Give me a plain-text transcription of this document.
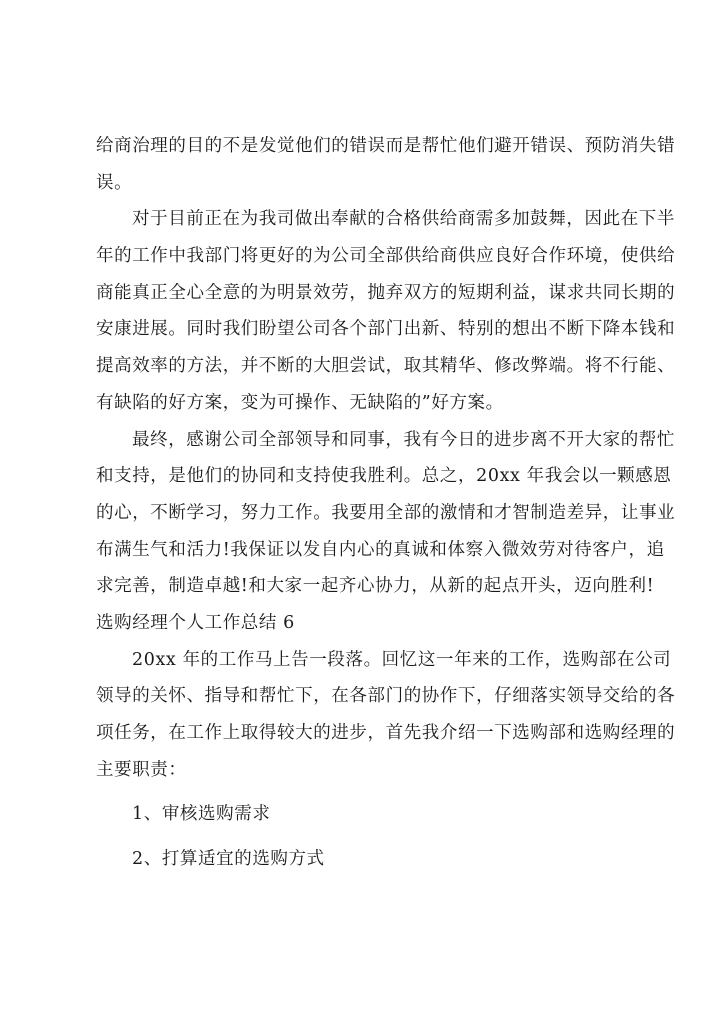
给商治理的目的不是发觉他们的错误而是帮忙他们避开错误、预防消失错
误。
对于目前正在为我司做出奉献的合格供给商需多加鼓舞，因此在下半
年的工作中我部门将更好的为公司全部供给商供应良好合作环境，使供给
商能真正全心全意的为明景效劳，抛弃双方的短期利益，谋求共同长期的
安康进展。同时我们盼望公司各个部门出新、特别的想出不断下降本钱和
提高效率的方法，并不断的大胆尝试，取其精华、修改弊端。将不行能、
有缺陷的好方案，变为可操作、无缺陷的”好方案。
最终，感谢公司全部领导和同事，我有今日的进步离不开大家的帮忙
和支持，是他们的协同和支持使我胜利。总之，20xx 年我会以一颗感恩
的心，不断学习，努力工作。我要用全部的激情和才智制造差异，让事业
布满生气和活力!我保证以发自内心的真诚和体察入微效劳对待客户，追
求完善，制造卓越!和大家一起齐心协力，从新的起点开头，迈向胜利!
选购经理个人工作总结 6
20xx 年的工作马上告一段落。回忆这一年来的工作，选购部在公司
领导的关怀、指导和帮忙下，在各部门的协作下，仔细落实领导交给的各
项任务，在工作上取得较大的进步，首先我介绍一下选购部和选购经理的
主要职责：
1、审核选购需求
2、打算适宜的选购方式
